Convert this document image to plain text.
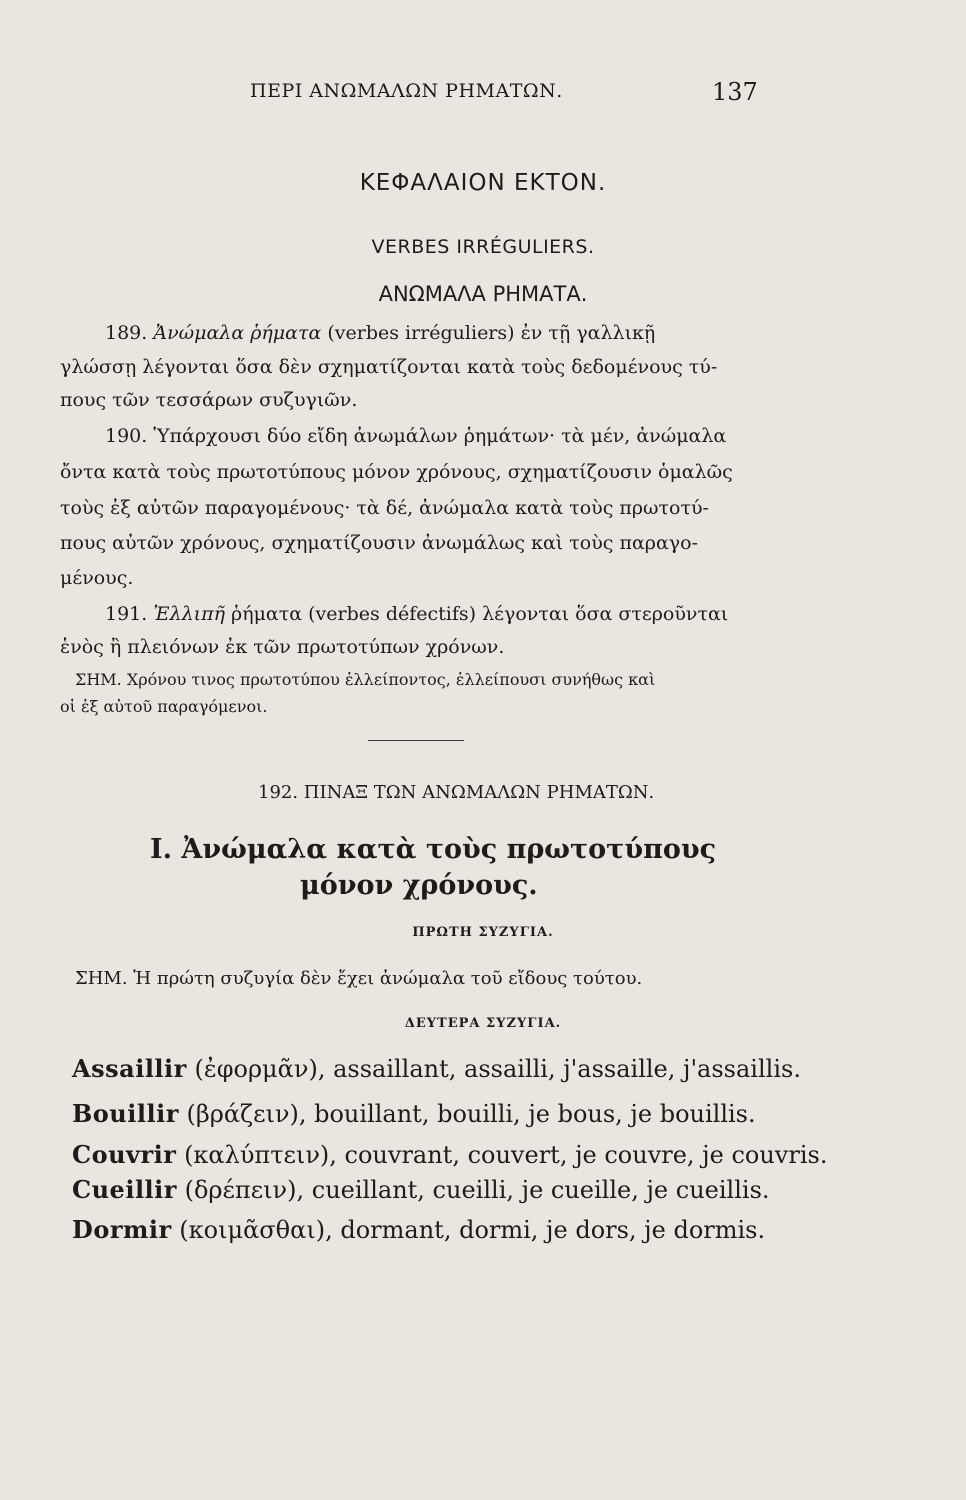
ΠΕΡΙ ΑΝΩΜΑΛΩΝ ΡΗΜΑΤΩΝ.	137
ΚΕΦΑΛΑΙΟΝ ΕΚΤΟΝ.
VERBES IRRÉGULIERS.
ΑΝΩΜΑΛΑ ΡΗΜΑΤΑ.
189. Ἀνώμαλα ῥήματα (verbes irréguliers) ἐν τῇ γαλλικῇ
γλώσσῃ λέγονται ὅσα δὲν σχηματίζονται κατὰ τοὺς δεδομένους τύ-
πους τῶν τεσσάρων συζυγιῶν.
190. Ὑπάρχουσι δύο εἴδη ἀνωμάλων ῥημάτων· τὰ μέν, ἀνώμαλα
ὄντα κατὰ τοὺς πρωτοτύπους μόνον χρόνους, σχηματίζουσιν ὁμαλῶς
τοὺς ἐξ αὐτῶν παραγομένους· τὰ δέ, ἀνώμαλα κατὰ τοὺς πρωτοτύ-
πους αὐτῶν χρόνους, σχηματίζουσιν ἀνωμάλως καὶ τοὺς παραγο-
μένους.
191. Ἐλλιπῆ ῥήματα (verbes défectifs) λέγονται ὅσα στεροῦνται
ἑνὸς ἢ πλειόνων ἐκ τῶν πρωτοτύπων χρόνων.
ΣΗΜ. Χρόνου τινος πρωτοτύπου ἐλλείποντος, ἐλλείπουσι συνήθως καὶ
οἱ ἐξ αὐτοῦ παραγόμενοι.
192. ΠΙΝΑΞ ΤΩΝ ΑΝΩΜΑΛΩΝ ΡΗΜΑΤΩΝ.
I. Ἀνώμαλα κατὰ τοὺς πρωτοτύπους
μόνον χρόνους.
ΠΡΩΤΗ ΣΥΖΥΓΙΑ.
ΣΗΜ. Ἡ πρώτη συζυγία δὲν ἔχει ἀνώμαλα τοῦ εἴδους τούτου.
ΔΕΥΤΕΡΑ ΣΥΖΥΓΙΑ.
Assaillir (ἐφορμᾶν), assaillant, assailli, j'assaille, j'assaillis.
Bouillir (βράζειν), bouillant, bouilli, je bous, je bouillis.
Couvrir (καλύπτειν), couvrant, couvert, je couvre, je couvris.
Cueillir (δρέπειν), cueillant, cueilli, je cueille, je cueillis.
Dormir (κοιμᾶσθαι), dormant, dormi, je dors, je dormis.
